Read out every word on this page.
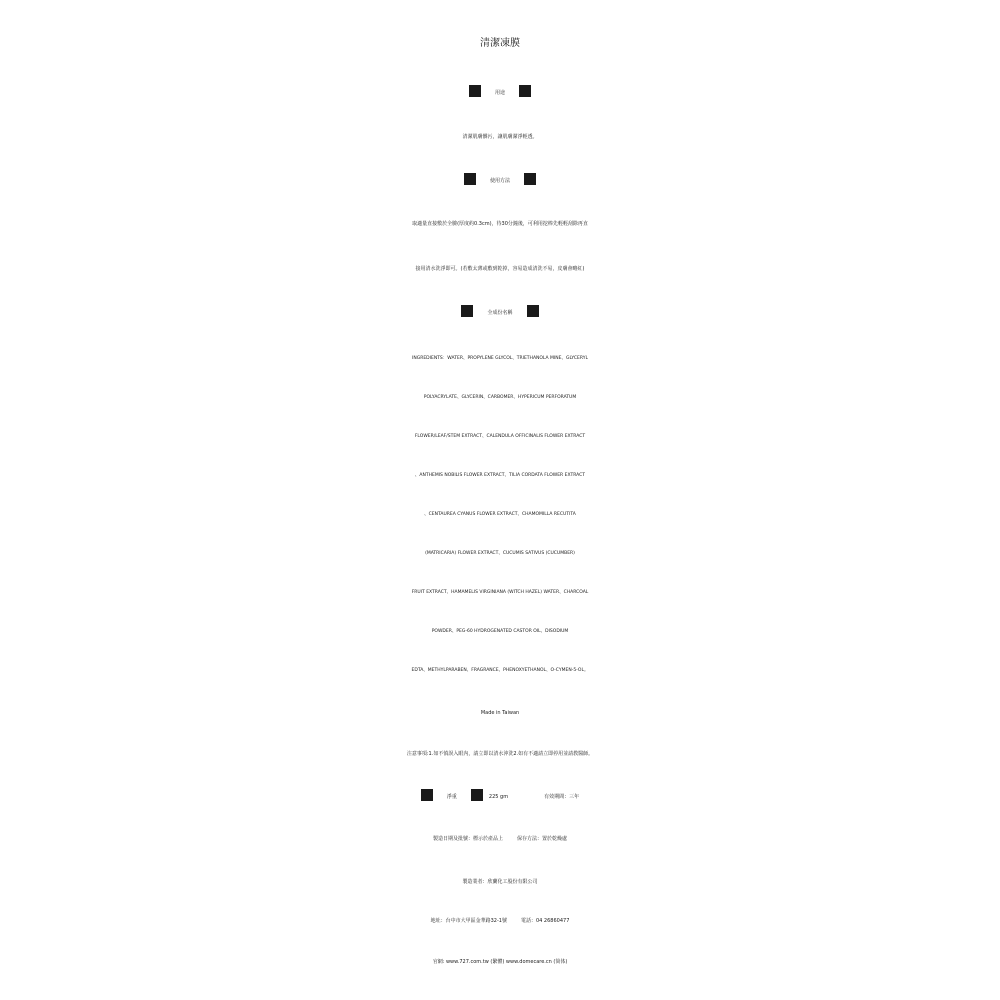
清潔凍膜
用途
清潔肌膚髒污，讓肌膚潔淨輕透。
使用方法
取適量直接敷於全臉(厚度約0.3cm)，待30分鐘後，可利用挖棒先輕輕刮除再直
接用清水洗淨即可。(若敷太薄或敷到乾掉，容易造成清洗不易，皮膚會略紅)
全成份名稱
INGREDIENTS：WATER、PROPYLENE GLYCOL、TRIETHANOLA MINE、GLYCERYL
POLYACRYLATE、GLYCERIN、CARBOMER、HYPERICUM PERFORATUM
FLOWER/LEAF/STEM EXTRACT、CALENDULA OFFICINALIS FLOWER EXTRACT
、ANTHEMIS NOBILIS FLOWER EXTRACT、TILIA CORDATA FLOWER EXTRACT
、CENTAUREA CYANUS FLOWER EXTRACT、CHAMOMILLA RECUTITA
(MATRICARIA) FLOWER EXTRACT、CUCUMIS SATIVUS (CUCUMBER)
FRUIT EXTRACT、HAMAMELIS VIRGINIANA (WITCH HAZEL) WATER、CHARCOAL
POWDER、PEG-60 HYDROGENATED CASTOR OIL、DISODIUM
EDTA、METHYLPARABEN、FRAGRANCE、PHENOXYETHANOL、O-CYMEN-5-OL。
Made in Taiwan
注意事項:1.如不慎誤入眼內，請立即以清水沖洗2.如有不適請立即停用並請教醫師。
淨重	225 gm	有效期間：三年
製造日期及批號：標示於產品上	保存方法：置於乾燥處
製造業者：欣蘭化工股份有限公司
地址：台中市大甲區金華路32-1號	電話：04 26860477
官網: www.727.com.tw (繁體) www.domecare.cn (简体)
